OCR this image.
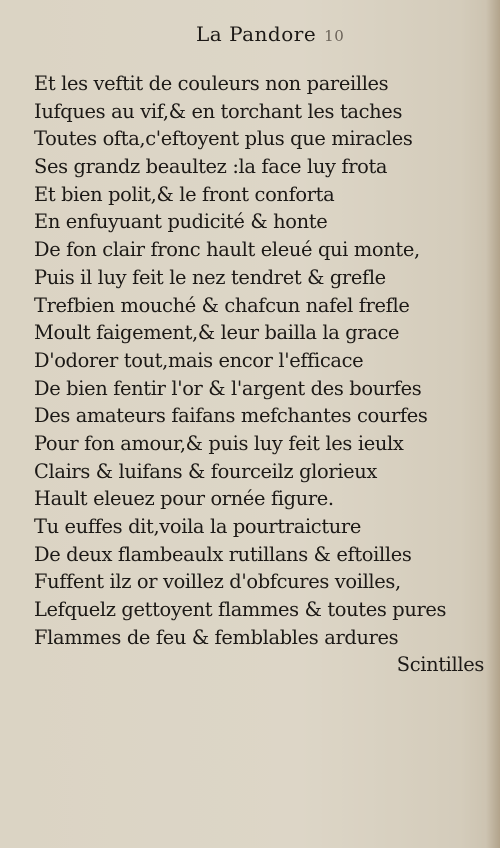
La Pandore 10
Et les veftit de couleurs non pareilles
Iufques au vif,& en torchant les taches
Toutes ofta,c'eftoyent plus que miracles
Ses grandz beaultez :la face luy frota
Et bien polit,& le front conforta
En enfuyuant pudicité & honte
De fon clair fronc hault eleué qui monte,
Puis il luy feit le nez tendret & grefle
Trefbien mouché & chafcun nafel frefle
Moult faigement,& leur bailla la grace
D'odorer tout,mais encor l'efficace
De bien fentir l'or & l'argent des bourfes
Des amateurs faifans mefchantes courfes
Pour fon amour,& puis luy feit les ieulx
Clairs & luifans & fourceilz glorieux
Hault eleuez pour ornée figure.
Tu euffes dit,voila la pourtraicture
De deux flambeaulx rutillans & eftoilles
Fuffent ilz or voillez d'obfcures voilles,
Lefquelz gettoyent flammes & toutes pures
Flammes de feu & femblables ardures
Scintilles
